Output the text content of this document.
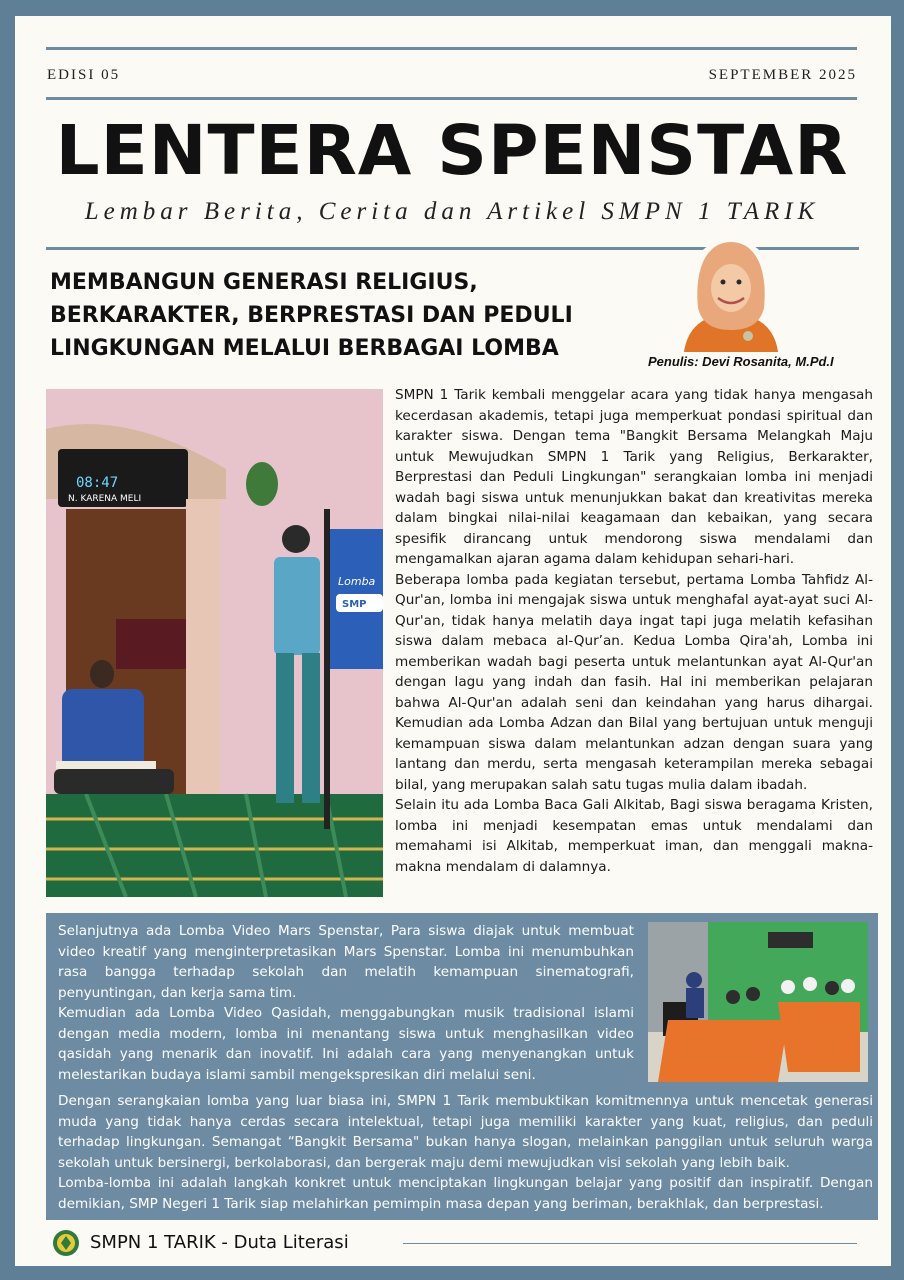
EDISI 05	SEPTEMBER 2025
LENTERA SPENSTAR
Lembar Berita, Cerita dan Artikel SMPN 1 TARIK
MEMBANGUN GENERASI RELIGIUS,
BERKARAKTER, BERPRESTASI DAN PEDULI
LINGKUNGAN MELALUI BERBAGAI LOMBA
Penulis: Devi Rosanita, M.Pd.I
08:47
N. KARENA MELI
Lomba
SMP

SMPN 1 Tarik kembali menggelar acara yang tidak hanya mengasah kecerdasan akademis, tetapi juga memperkuat pondasi spiritual dan karakter siswa. Dengan tema "Bangkit Bersama Melangkah Maju untuk Mewujudkan SMPN 1 Tarik yang Religius, Berkarakter, Berprestasi dan Peduli Lingkungan" serangkaian lomba ini menjadi wadah bagi siswa untuk menunjukkan bakat dan kreativitas mereka dalam bingkai nilai-nilai keagamaan dan kebaikan, yang secara spesifik dirancang untuk mendorong siswa mendalami dan mengamalkan ajaran agama dalam kehidupan sehari-hari.

Beberapa lomba pada kegiatan tersebut, pertama Lomba Tahfidz Al-Qur'an, lomba ini mengajak siswa untuk menghafal ayat-ayat suci Al-Qur'an, tidak hanya melatih daya ingat tapi juga melatih kefasihan siswa dalam mebaca al-Qur’an. Kedua Lomba Qira'ah, Lomba ini memberikan wadah bagi peserta untuk melantunkan ayat Al-Qur'an dengan lagu yang indah dan fasih. Hal ini memberikan pelajaran bahwa Al-Qur'an adalah seni dan keindahan yang harus dihargai. Kemudian ada Lomba Adzan dan Bilal yang bertujuan untuk menguji kemampuan siswa dalam melantunkan adzan dengan suara yang lantang dan merdu, serta mengasah keterampilan mereka sebagai bilal, yang merupakan salah satu tugas mulia dalam ibadah.

Selain itu ada Lomba Baca Gali Alkitab, Bagi siswa beragama Kristen, lomba ini menjadi kesempatan emas untuk mendalami dan memahami isi Alkitab, memperkuat iman, dan menggali makna-makna mendalam di dalamnya.

Selanjutnya ada Lomba Video Mars Spenstar, Para siswa diajak untuk membuat video kreatif yang menginterpretasikan Mars Spenstar. Lomba ini menumbuhkan rasa bangga terhadap sekolah dan melatih kemampuan sinematografi, penyuntingan, dan kerja sama tim.

Kemudian ada Lomba Video Qasidah, menggabungkan musik tradisional islami dengan media modern, lomba ini menantang siswa untuk menghasilkan video qasidah yang menarik dan inovatif. Ini adalah cara yang menyenangkan untuk melestarikan budaya islami sambil mengekspresikan diri melalui seni.

Dengan serangkaian lomba yang luar biasa ini, SMPN 1 Tarik membuktikan komitmennya untuk mencetak generasi muda yang tidak hanya cerdas secara intelektual, tetapi juga memiliki karakter yang kuat, religius, dan peduli terhadap lingkungan. Semangat “Bangkit Bersama" bukan hanya slogan, melainkan panggilan untuk seluruh warga sekolah untuk bersinergi, berkolaborasi, dan bergerak maju demi mewujudkan visi sekolah yang lebih baik.

Lomba-lomba ini adalah langkah konkret untuk menciptakan lingkungan belajar yang positif dan inspiratif. Dengan demikian, SMP Negeri 1 Tarik siap melahirkan pemimpin masa depan yang beriman, berakhlak, dan berprestasi.

SMPN 1 TARIK - Duta Literasi
